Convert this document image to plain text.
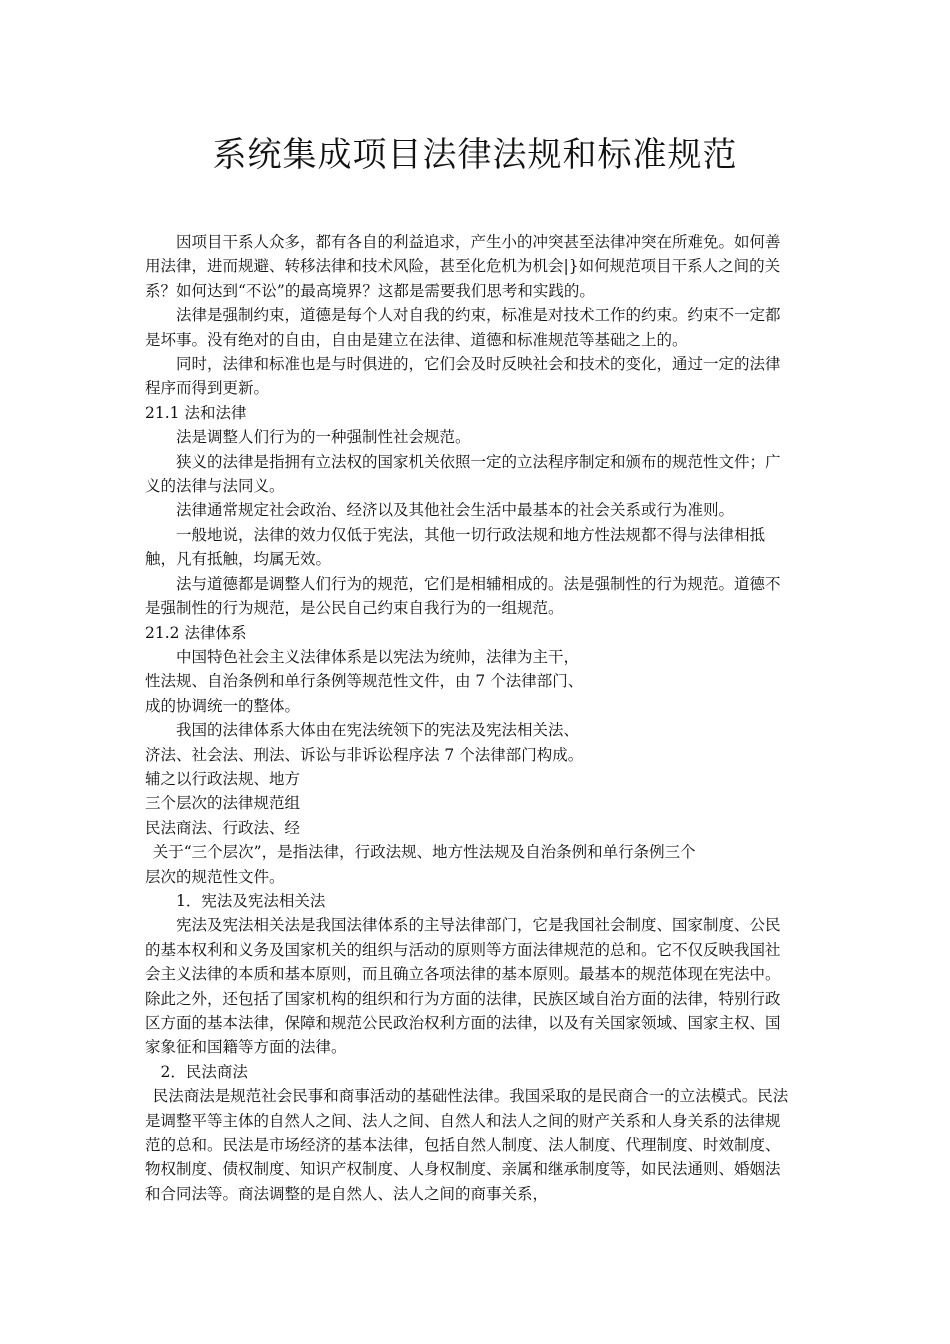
系统集成项目法律法规和标准规范

因项目干系人众多，都有各自的利益追求，产生小的冲突甚至法律冲突在所难免。如何善用法律，进而规避、转移法律和技术风险，甚至化危机为机会|}如何规范项目干系人之间的关系？如何达到“不讼”的最高境界？这都是需要我们思考和实践的。

法律是强制约束，道德是每个人对自我的约束，标准是对技术工作的约束。约束不一定都是坏事。没有绝对的自由，自由是建立在法律、道德和标准规范等基础之上的。

同时，法律和标准也是与时俱进的，它们会及时反映社会和技术的变化，通过一定的法律程序而得到更新。

21.1 法和法律

法是调整人们行为的一种强制性社会规范。

狭义的法律是指拥有立法权的国家机关依照一定的立法程序制定和颁布的规范性文件；广义的法律与法同义。

法律通常规定社会政治、经济以及其他社会生活中最基本的社会关系或行为准则。

一般地说，法律的效力仅低于宪法，其他一切行政法规和地方性法规都不得与法律相抵触，凡有抵触，均属无效。

法与道德都是调整人们行为的规范，它们是相辅相成的。法是强制性的行为规范。道德不是强制性的行为规范，是公民自己约束自我行为的一组规范。

21.2 法律体系

中国特色社会主义法律体系是以宪法为统帅，法律为主干，

性法规、自治条例和单行条例等规范性文件，由 7 个法律部门、

成的协调统一的整体。

我国的法律体系大体由在宪法统领下的宪法及宪法相关法、

济法、社会法、刑法、诉讼与非诉讼程序法 7 个法律部门构成。

辅之以行政法规、地方

三个层次的法律规范组

民法商法、行政法、经

关于“三个层次”，是指法律，行政法规、地方性法规及自治条例和单行条例三个

层次的规范性文件。

1．宪法及宪法相关法

宪法及宪法相关法是我国法律体系的主导法律部门，它是我国社会制度、国家制度、公民的基本权利和义务及国家机关的组织与活动的原则等方面法律规范的总和。它不仅反映我国社会主义法律的本质和基本原则，而且确立各项法律的基本原则。最基本的规范体现在宪法中。除此之外，还包括了国家机构的组织和行为方面的法律，民族区域自治方面的法律，特别行政区方面的基本法律，保障和规范公民政治权利方面的法律，以及有关国家领域、国家主权、国家象征和国籍等方面的法律。

2．民法商法

民法商法是规范社会民事和商事活动的基础性法律。我国采取的是民商合一的立法模式。民法是调整平等主体的自然人之间、法人之间、自然人和法人之间的财产关系和人身关系的法律规范的总和。民法是市场经济的基本法律，包括自然人制度、法人制度、代理制度、时效制度、物权制度、债权制度、知识产权制度、人身权制度、亲属和继承制度等，如民法通则、婚姻法和合同法等。商法调整的是自然人、法人之间的商事关系，
